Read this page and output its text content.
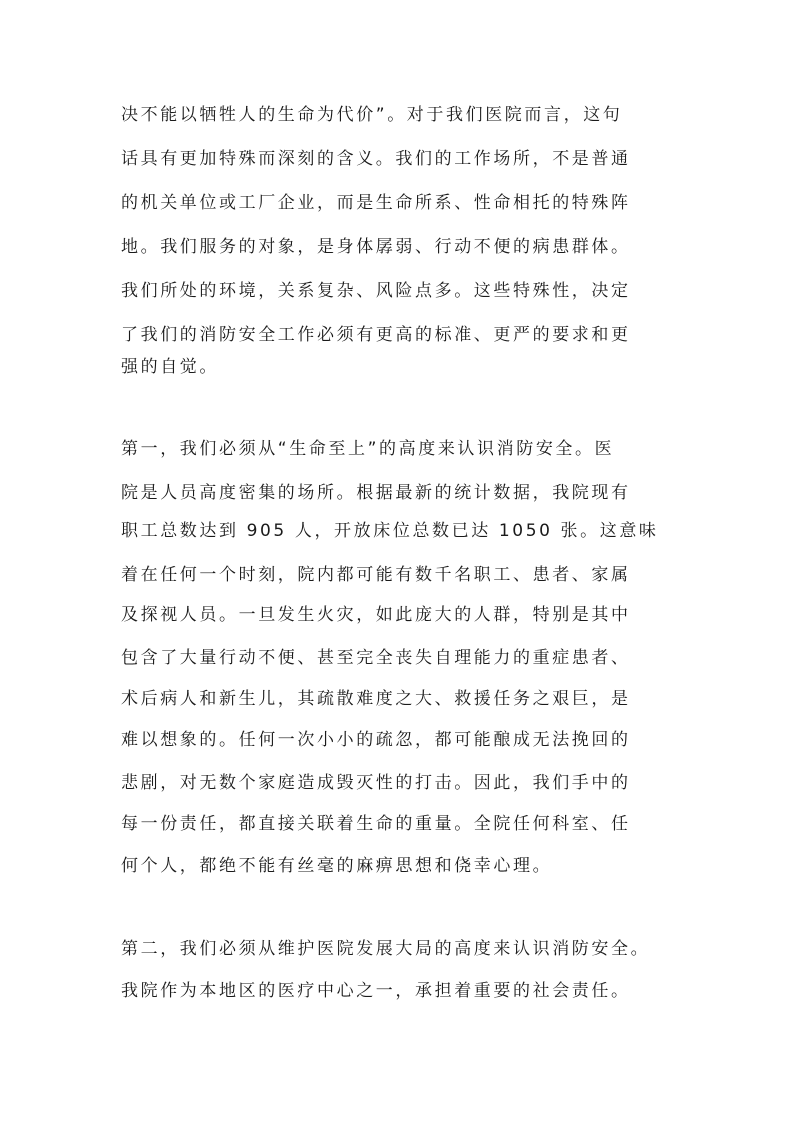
决不能以牺牲人的生命为代价”。对于我们医院而言，这句
话具有更加特殊而深刻的含义。我们的工作场所，不是普通
的机关单位或工厂企业，而是生命所系、性命相托的特殊阵
地。我们服务的对象，是身体孱弱、行动不便的病患群体。
我们所处的环境，关系复杂、风险点多。这些特殊性，决定
了我们的消防安全工作必须有更高的标准、更严的要求和更
强的自觉。
第一，我们必须从“生命至上”的高度来认识消防安全。医
院是人员高度密集的场所。根据最新的统计数据，我院现有
职工总数达到 905 人，开放床位总数已达 1050 张。这意味
着在任何一个时刻，院内都可能有数千名职工、患者、家属
及探视人员。一旦发生火灾，如此庞大的人群，特别是其中
包含了大量行动不便、甚至完全丧失自理能力的重症患者、
术后病人和新生儿，其疏散难度之大、救援任务之艰巨，是
难以想象的。任何一次小小的疏忽，都可能酿成无法挽回的
悲剧，对无数个家庭造成毁灭性的打击。因此，我们手中的
每一份责任，都直接关联着生命的重量。全院任何科室、任
何个人，都绝不能有丝毫的麻痹思想和侥幸心理。
第二，我们必须从维护医院发展大局的高度来认识消防安全。
我院作为本地区的医疗中心之一，承担着重要的社会责任。
